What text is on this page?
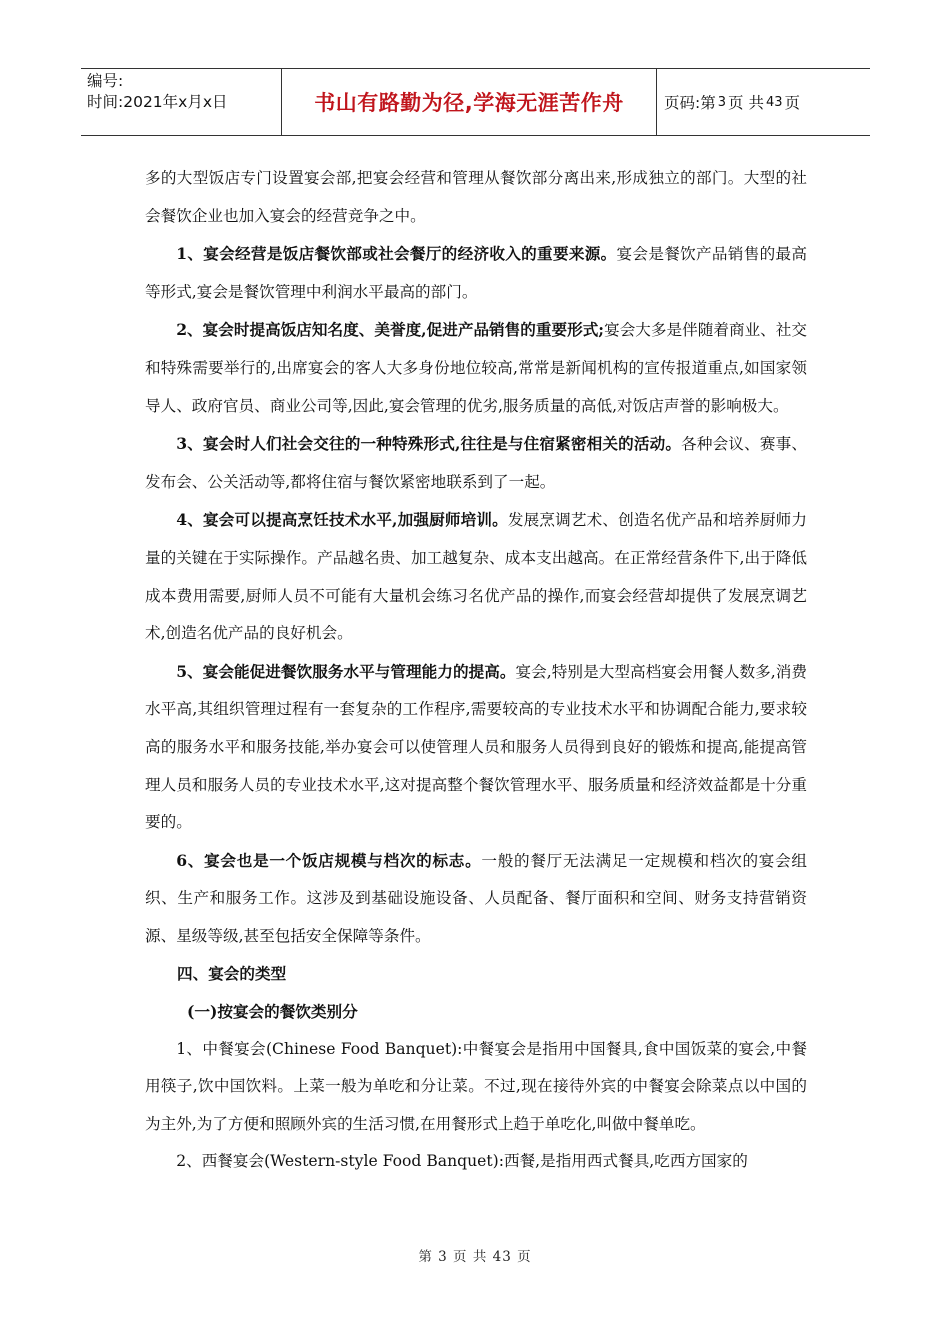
编号:
时间:2021年x月x日	书山有路勤为径,学海无涯苦作舟	页码:第 3 页 共 43 页

多的大型饭店专门设置宴会部,把宴会经营和管理从餐饮部分离出来,形成独立的部门。大型的社会餐饮企业也加入宴会的经营竞争之中。

1、宴会经营是饭店餐饮部或社会餐厅的经济收入的重要来源。宴会是餐饮产品销售的最高等形式,宴会是餐饮管理中利润水平最高的部门。

2、宴会时提高饭店知名度、美誉度,促进产品销售的重要形式;宴会大多是伴随着商业、社交和特殊需要举行的,出席宴会的客人大多身份地位较高,常常是新闻机构的宣传报道重点,如国家领导人、政府官员、商业公司等,因此,宴会管理的优劣,服务质量的高低,对饭店声誉的影响极大。

3、宴会时人们社会交往的一种特殊形式,往往是与住宿紧密相关的活动。各种会议、赛事、发布会、公关活动等,都将住宿与餐饮紧密地联系到了一起。

4、宴会可以提高烹饪技术水平,加强厨师培训。发展烹调艺术、创造名优产品和培养厨师力量的关键在于实际操作。产品越名贵、加工越复杂、成本支出越高。在正常经营条件下,出于降低成本费用需要,厨师人员不可能有大量机会练习名优产品的操作,而宴会经营却提供了发展烹调艺术,创造名优产品的良好机会。

5、宴会能促进餐饮服务水平与管理能力的提高。宴会,特别是大型高档宴会用餐人数多,消费水平高,其组织管理过程有一套复杂的工作程序,需要较高的专业技术水平和协调配合能力,要求较高的服务水平和服务技能,举办宴会可以使管理人员和服务人员得到良好的锻炼和提高,能提高管理人员和服务人员的专业技术水平,这对提高整个餐饮管理水平、服务质量和经济效益都是十分重要的。

6、宴会也是一个饭店规模与档次的标志。一般的餐厅无法满足一定规模和档次的宴会组织、生产和服务工作。这涉及到基础设施设备、人员配备、餐厅面积和空间、财务支持营销资源、星级等级,甚至包括安全保障等条件。

四、宴会的类型

(一)按宴会的餐饮类别分

1、中餐宴会(Chinese Food Banquet):中餐宴会是指用中国餐具,食中国饭菜的宴会,中餐用筷子,饮中国饮料。上菜一般为单吃和分让菜。不过,现在接待外宾的中餐宴会除菜点以中国的为主外,为了方便和照顾外宾的生活习惯,在用餐形式上趋于单吃化,叫做中餐单吃。

2、西餐宴会(Western-style Food Banquet):西餐,是指用西式餐具,吃西方国家的

第 3 页 共 43 页
